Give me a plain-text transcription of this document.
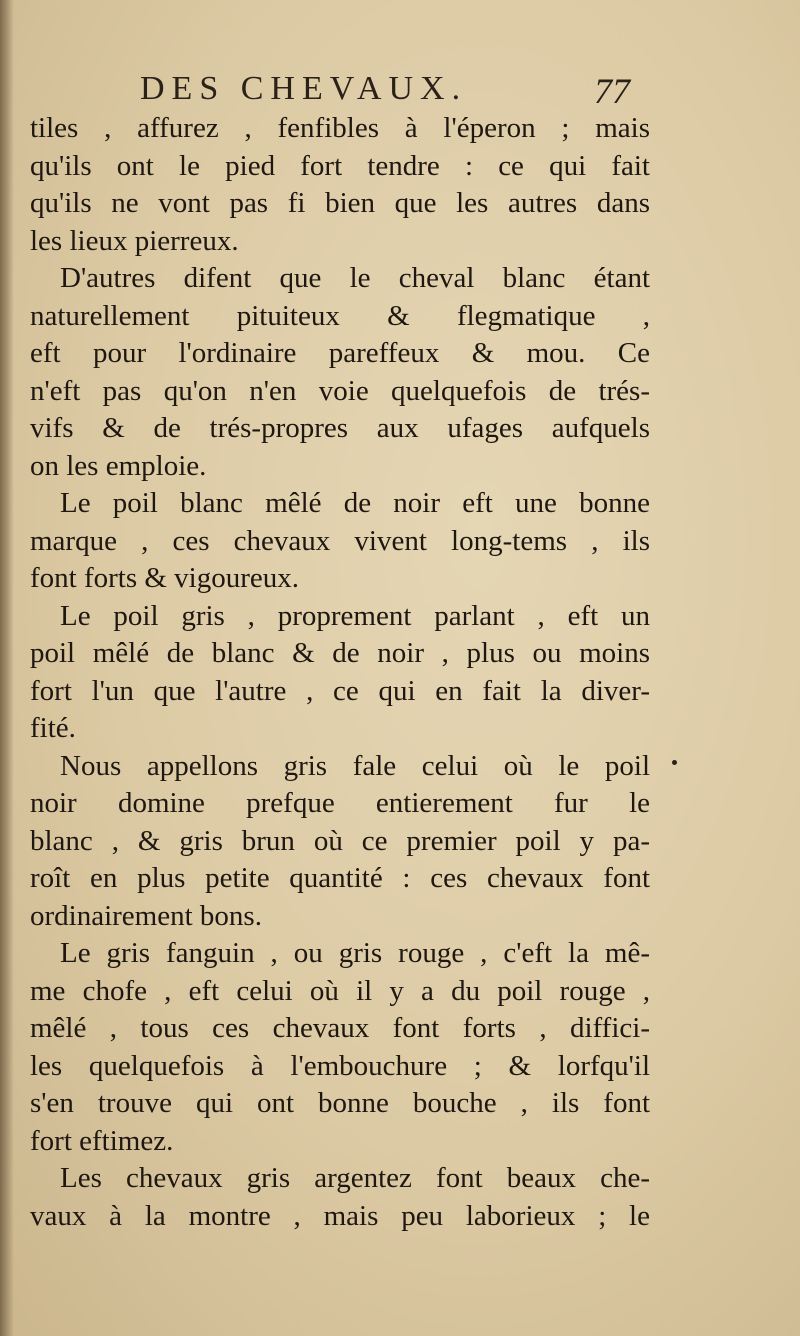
DES CHEVAUX.	77
tiles , affurez , fenfibles à l'éperon ; mais
qu'ils ont le pied fort tendre : ce qui fait
qu'ils ne vont pas fi bien que les autres dans
les lieux pierreux.
D'autres difent que le cheval blanc étant
naturellement pituiteux & flegmatique ,
eft pour l'ordinaire pareffeux & mou. Ce
n'eft pas qu'on n'en voie quelquefois de trés-
vifs & de trés-propres aux ufages aufquels
on les emploie.
Le poil blanc mêlé de noir eft une bonne
marque , ces chevaux vivent long-tems , ils
font forts & vigoureux.
Le poil gris , proprement parlant , eft un
poil mêlé de blanc & de noir , plus ou moins
fort l'un que l'autre , ce qui en fait la diver-
fité.
Nous appellons gris fale celui où le poil
noir domine prefque entierement fur le
blanc , & gris brun où ce premier poil y pa-
roît en plus petite quantité : ces chevaux font
ordinairement bons.
Le gris fanguin , ou gris rouge , c'eft la mê-
me chofe , eft celui où il y a du poil rouge ,
mêlé , tous ces chevaux font forts , diffici-
les quelquefois à l'embouchure ; & lorfqu'il
s'en trouve qui ont bonne bouche , ils font
fort eftimez.
Les chevaux gris argentez font beaux che-
vaux à la montre , mais peu laborieux ; le
